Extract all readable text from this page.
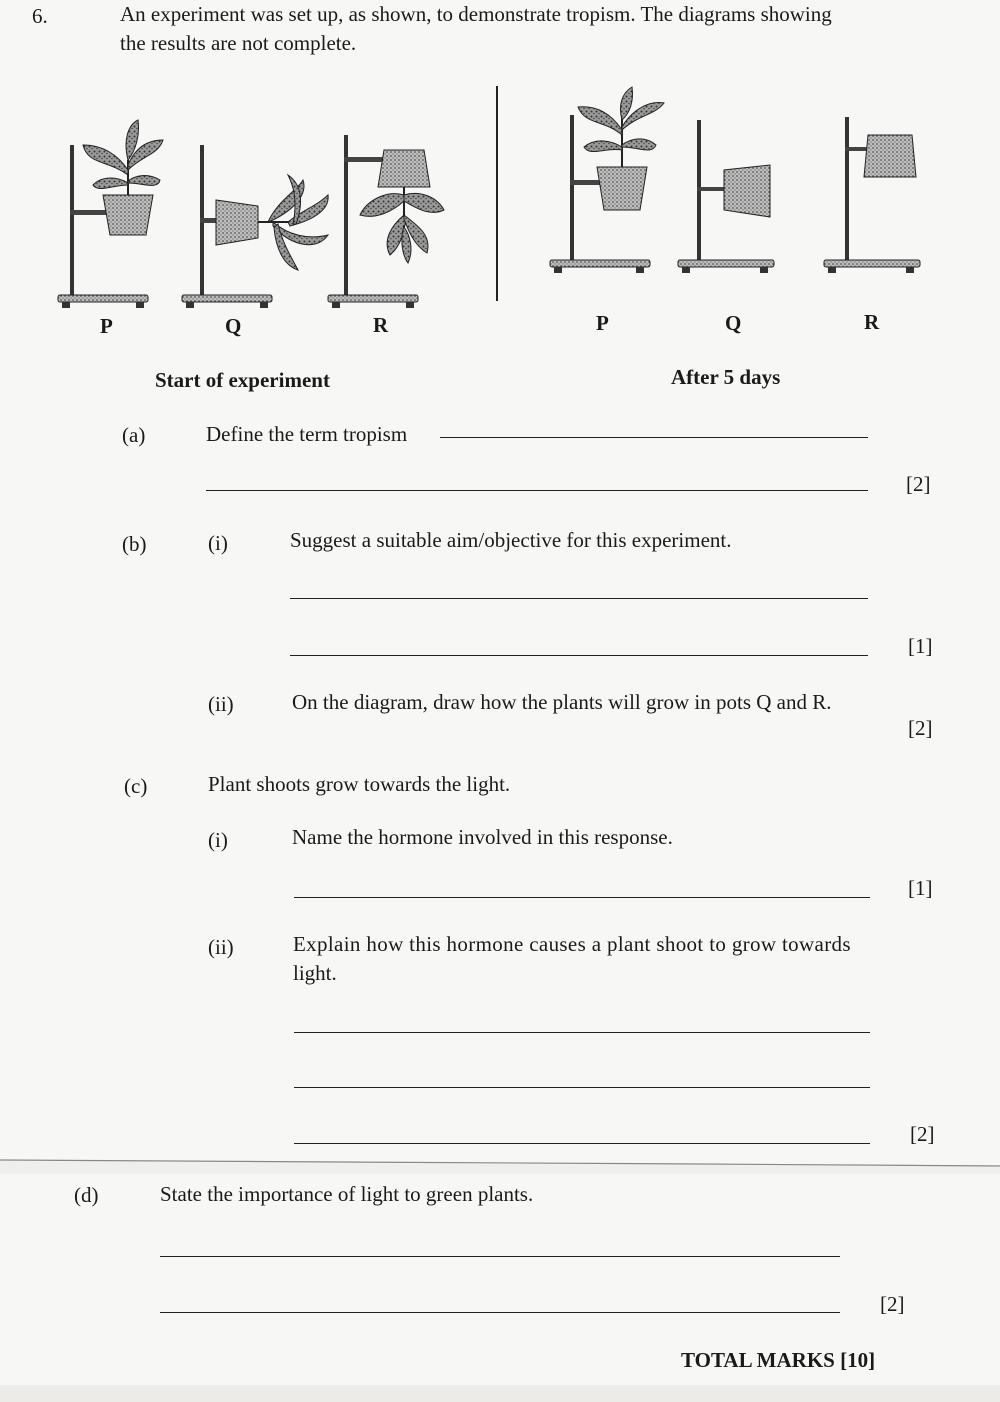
6.	An experiment was set up, as shown, to demonstrate tropism. The diagrams showing
the results are not complete.
P	Q	R	P	Q	R
Start of experiment	After 5 days
(a)	Define the term tropism
[2]
(b)	(i)	Suggest a suitable aim/objective for this experiment.
[1]
(ii)	On the diagram, draw how the plants will grow in pots Q and R.
[2]
(c)	Plant shoots grow towards the light.
(i)	Name the hormone involved in this response.
[1]
(ii)	Explain how this hormone causes a plant shoot to grow towards
light.
[2]
(d)	State the importance of light to green plants.
[2]
TOTAL MARKS [10]
